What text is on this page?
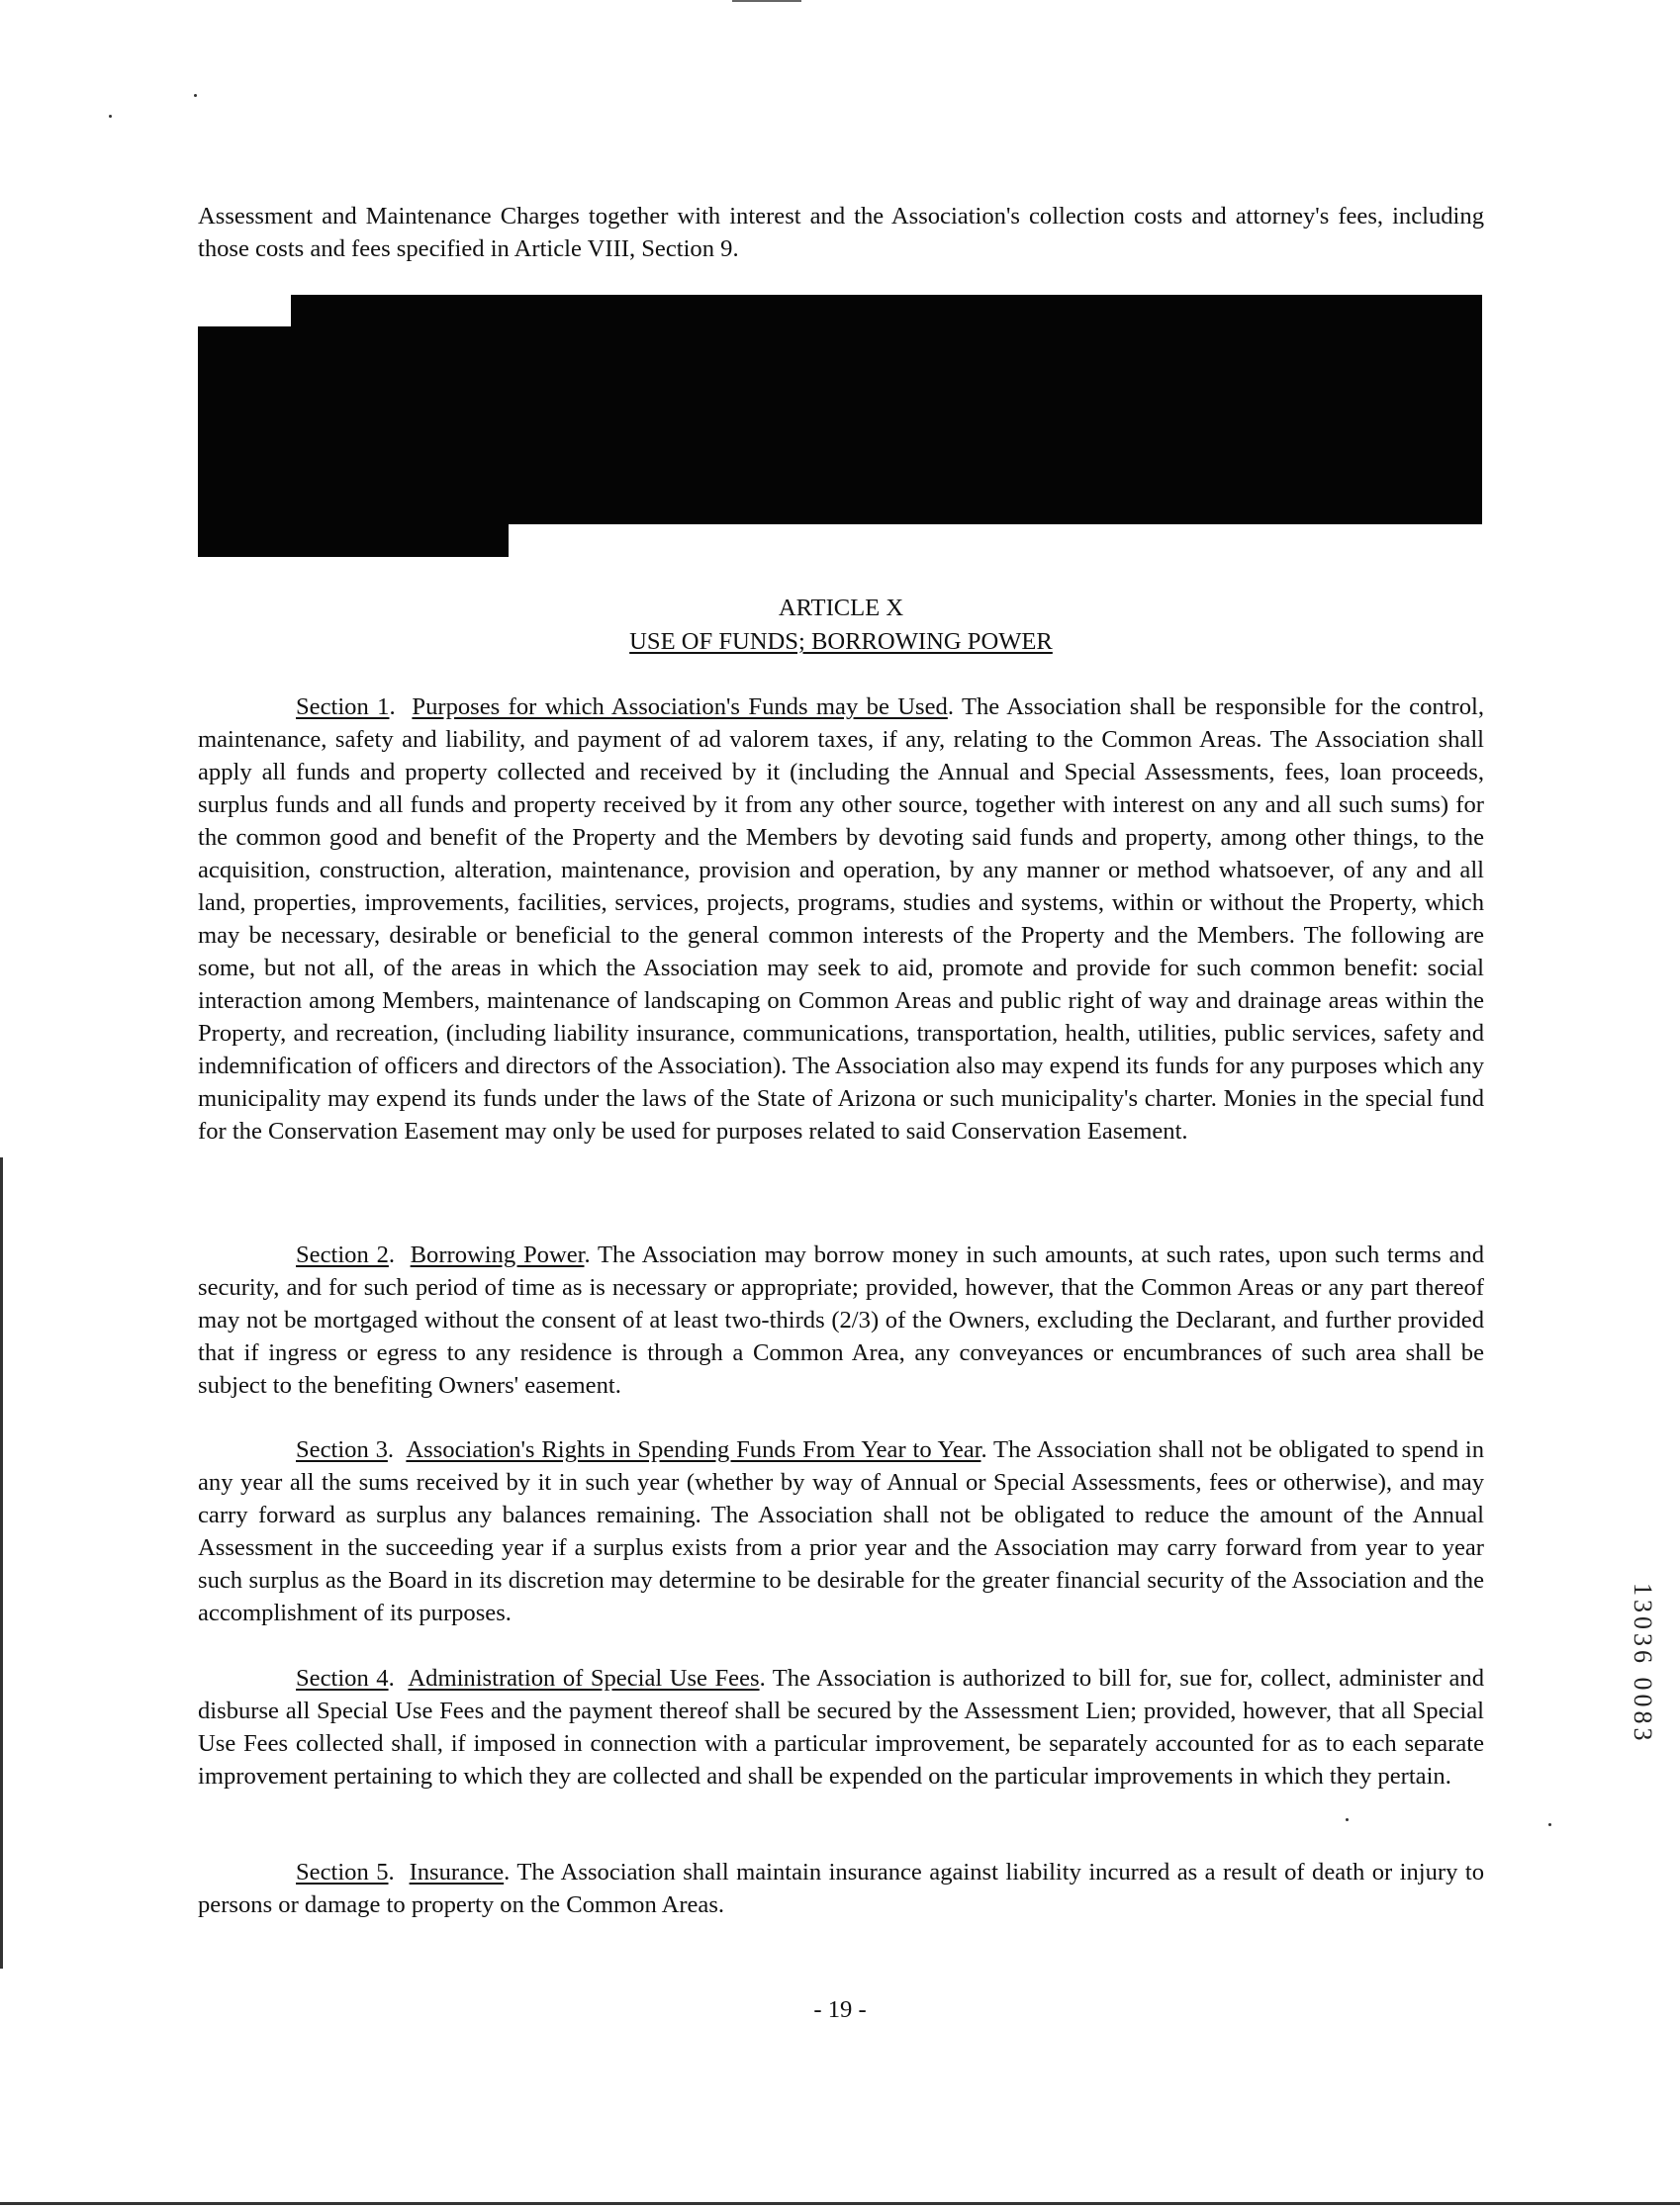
Assessment and Maintenance Charges together with interest and the Association's collection costs and attorney's fees, including those costs and fees specified in Article VIII, Section 9.
ARTICLE X
USE OF FUNDS; BORROWING POWER
Section 1.  Purposes for which Association's Funds may be Used. The Association shall be responsible for the control, maintenance, safety and liability, and payment of ad valorem taxes, if any, relating to the Common Areas. The Association shall apply all funds and property collected and received by it (including the Annual and Special Assessments, fees, loan proceeds, surplus funds and all funds and property received by it from any other source, together with interest on any and all such sums) for the common good and benefit of the Property and the Members by devoting said funds and property, among other things, to the acquisition, construction, alteration, maintenance, provision and operation, by any manner or method whatsoever, of any and all land, properties, improvements, facilities, services, projects, programs, studies and systems, within or without the Property, which may be necessary, desirable or beneficial to the general common interests of the Property and the Members. The following are some, but not all, of the areas in which the Association may seek to aid, promote and provide for such common benefit: social interaction among Members, maintenance of landscaping on Common Areas and public right of way and drainage areas within the Property, and recreation, (including liability insurance, communications, transportation, health, utilities, public services, safety and indemnification of officers and directors of the Association). The Association also may expend its funds for any purposes which any municipality may expend its funds under the laws of the State of Arizona or such municipality's charter. Monies in the special fund for the Conservation Easement may only be used for purposes related to said Conservation Easement.
Section 2.  Borrowing Power. The Association may borrow money in such amounts, at such rates, upon such terms and security, and for such period of time as is necessary or appropriate; provided, however, that the Common Areas or any part thereof may not be mortgaged without the consent of at least two-thirds (2/3) of the Owners, excluding the Declarant, and further provided that if ingress or egress to any residence is through a Common Area, any conveyances or encumbrances of such area shall be subject to the benefiting Owners' easement.
Section 3.  Association's Rights in Spending Funds From Year to Year. The Association shall not be obligated to spend in any year all the sums received by it in such year (whether by way of Annual or Special Assessments, fees or otherwise), and may carry forward as surplus any balances remaining. The Association shall not be obligated to reduce the amount of the Annual Assessment in the succeeding year if a surplus exists from a prior year and the Association may carry forward from year to year such surplus as the Board in its discretion may determine to be desirable for the greater financial security of the Association and the accomplishment of its purposes.
Section 4.  Administration of Special Use Fees. The Association is authorized to bill for, sue for, collect, administer and disburse all Special Use Fees and the payment thereof shall be secured by the Assessment Lien; provided, however, that all Special Use Fees collected shall, if imposed in connection with a particular improvement, be separately accounted for as to each separate improvement pertaining to which they are collected and shall be expended on the particular improvements in which they pertain.
Section 5.  Insurance. The Association shall maintain insurance against liability incurred as a result of death or injury to persons or damage to property on the Common Areas.
- 19 -
13036 0083
